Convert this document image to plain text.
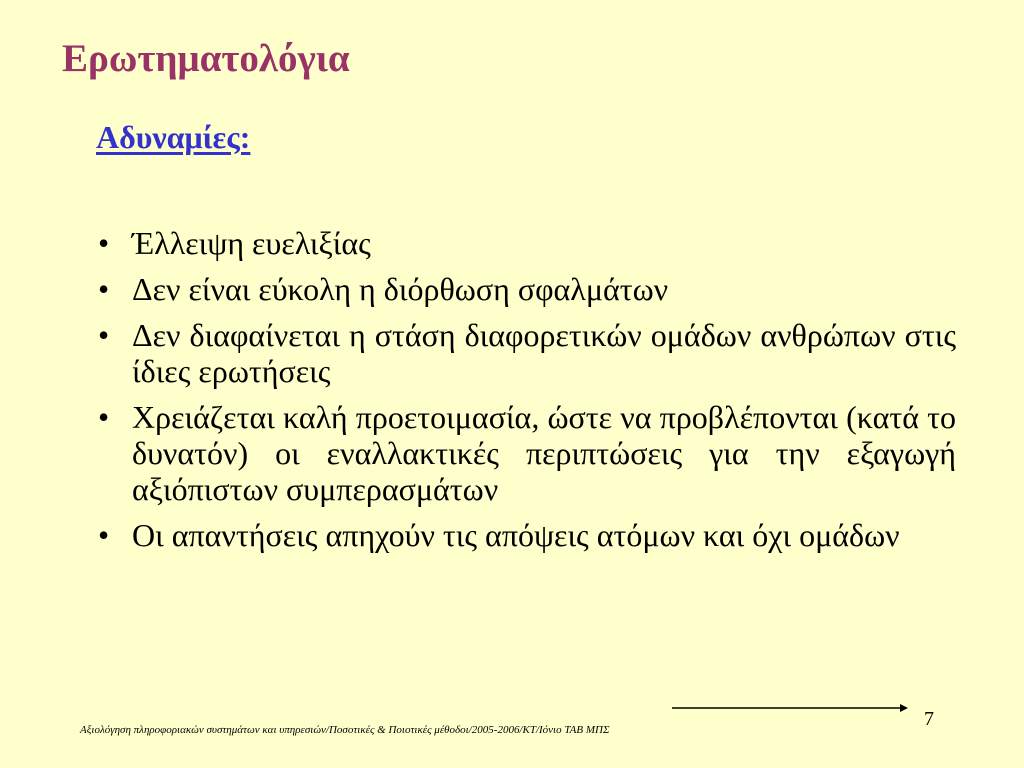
Ερωτηματολόγια
Αδυναμίες:
• Έλλειψη ευελιξίας
• Δεν είναι εύκολη η διόρθωση σφαλμάτων
• Δεν διαφαίνεται η στάση διαφορετικών ομάδων ανθρώπων στις ίδιες ερωτήσεις
• Χρειάζεται καλή προετοιμασία, ώστε να προβλέπονται (κατά το δυνατόν) οι εναλλακτικές περιπτώσεις για την εξαγωγή αξιόπιστων συμπερασμάτων
• Οι απαντήσεις απηχούν τις απόψεις ατόμων και όχι ομάδων
Αξιολόγηση πληροφοριακών συστημάτων και υπηρεσιών/Ποσοτικές & Ποιοτικές μέθοδοι/2005-2006/ΚΤ/Ιόνιο ΤΑΒ ΜΠΣ	7
